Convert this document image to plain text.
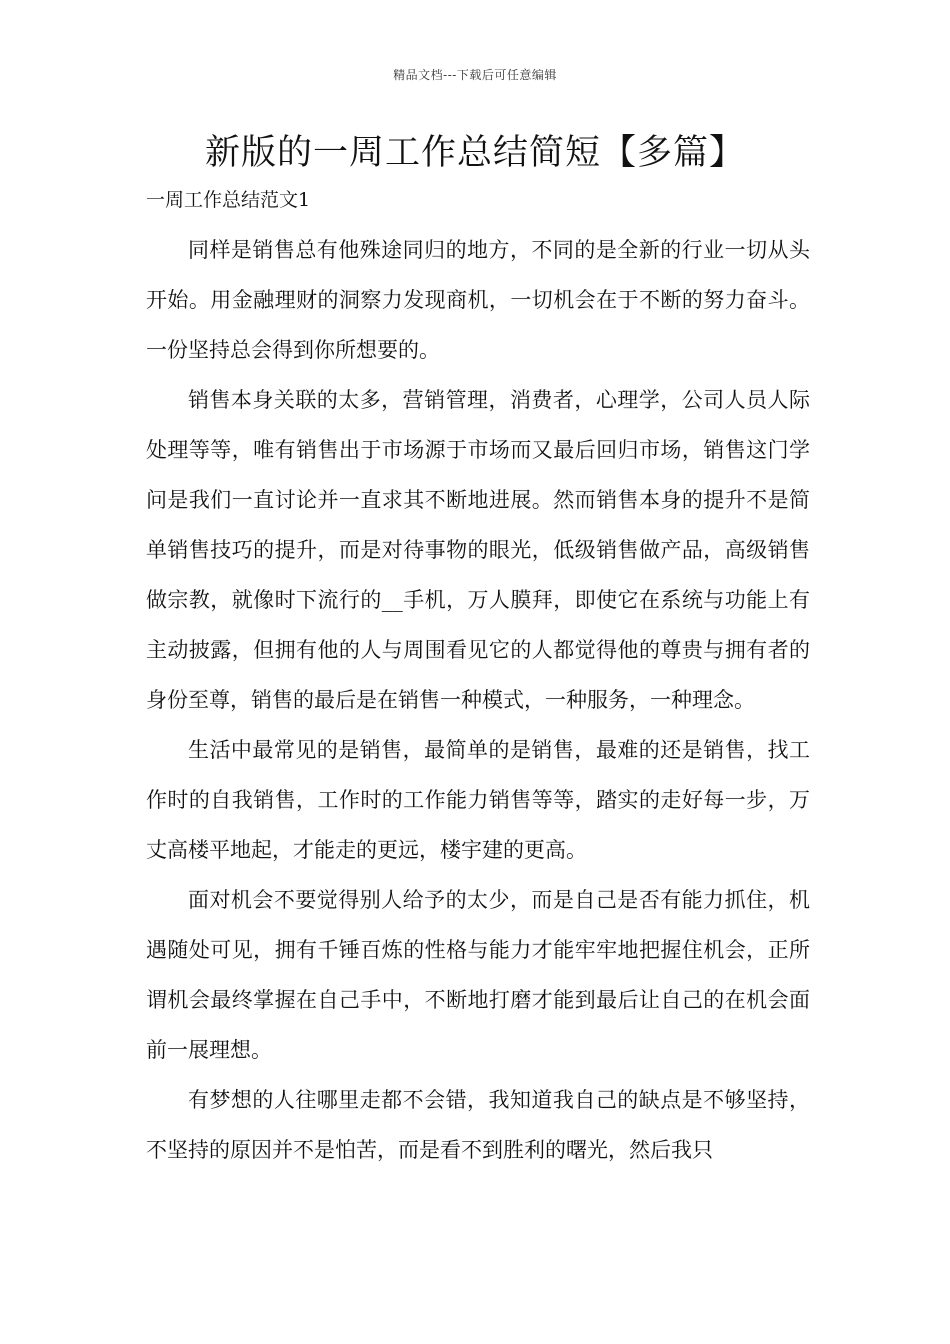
精品文档---下载后可任意编辑
新版的一周工作总结简短【多篇】
一周工作总结范文1

同样是销售总有他殊途同归的地方，不同的是全新的行业一切从头开始。用金融理财的洞察力发现商机，一切机会在于不断的努力奋斗。一份坚持总会得到你所想要的。

销售本身关联的太多，营销管理，消费者，心理学，公司人员人际处理等等，唯有销售出于市场源于市场而又最后回归市场，销售这门学问是我们一直讨论并一直求其不断地进展。然而销售本身的提升不是简单销售技巧的提升，而是对待事物的眼光，低级销售做产品，高级销售做宗教，就像时下流行的__手机，万人膜拜，即使它在系统与功能上有主动披露，但拥有他的人与周围看见它的人都觉得他的尊贵与拥有者的身份至尊，销售的最后是在销售一种模式，一种服务，一种理念。

生活中最常见的是销售，最简单的是销售，最难的还是销售，找工作时的自我销售，工作时的工作能力销售等等，踏实的走好每一步，万丈高楼平地起，才能走的更远，楼宇建的更高。

面对机会不要觉得别人给予的太少，而是自己是否有能力抓住，机遇随处可见，拥有千锤百炼的性格与能力才能牢牢地把握住机会，正所谓机会最终掌握在自己手中，不断地打磨才能到最后让自己的在机会面前一展理想。

有梦想的人往哪里走都不会错，我知道我自己的缺点是不够坚持，不坚持的原因并不是怕苦，而是看不到胜利的曙光，然后我只
